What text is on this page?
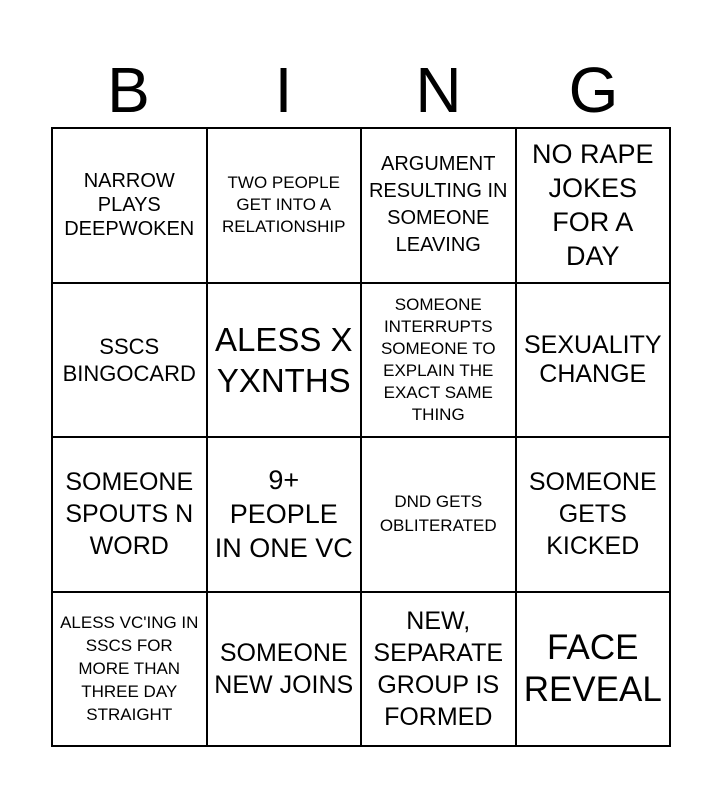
B	I	N	G
NARROW PLAYS DEEPWOKEN
TWO PEOPLE GET INTO A RELATIONSHIP
ARGUMENT RESULTING IN SOMEONE LEAVING
NO RAPE JOKES FOR A DAY
SSCS BINGOCARD
ALESS X YXNTHS
SOMEONE INTERRUPTS SOMEONE TO EXPLAIN THE EXACT SAME THING
SEXUALITY CHANGE
SOMEONE SPOUTS N WORD
9+ PEOPLE IN ONE VC
DND GETS OBLITERATED
SOMEONE GETS KICKED
ALESS VC'ING IN SSCS FOR MORE THAN THREE DAY STRAIGHT
SOMEONE NEW JOINS
NEW, SEPARATE GROUP IS FORMED
FACE REVEAL
